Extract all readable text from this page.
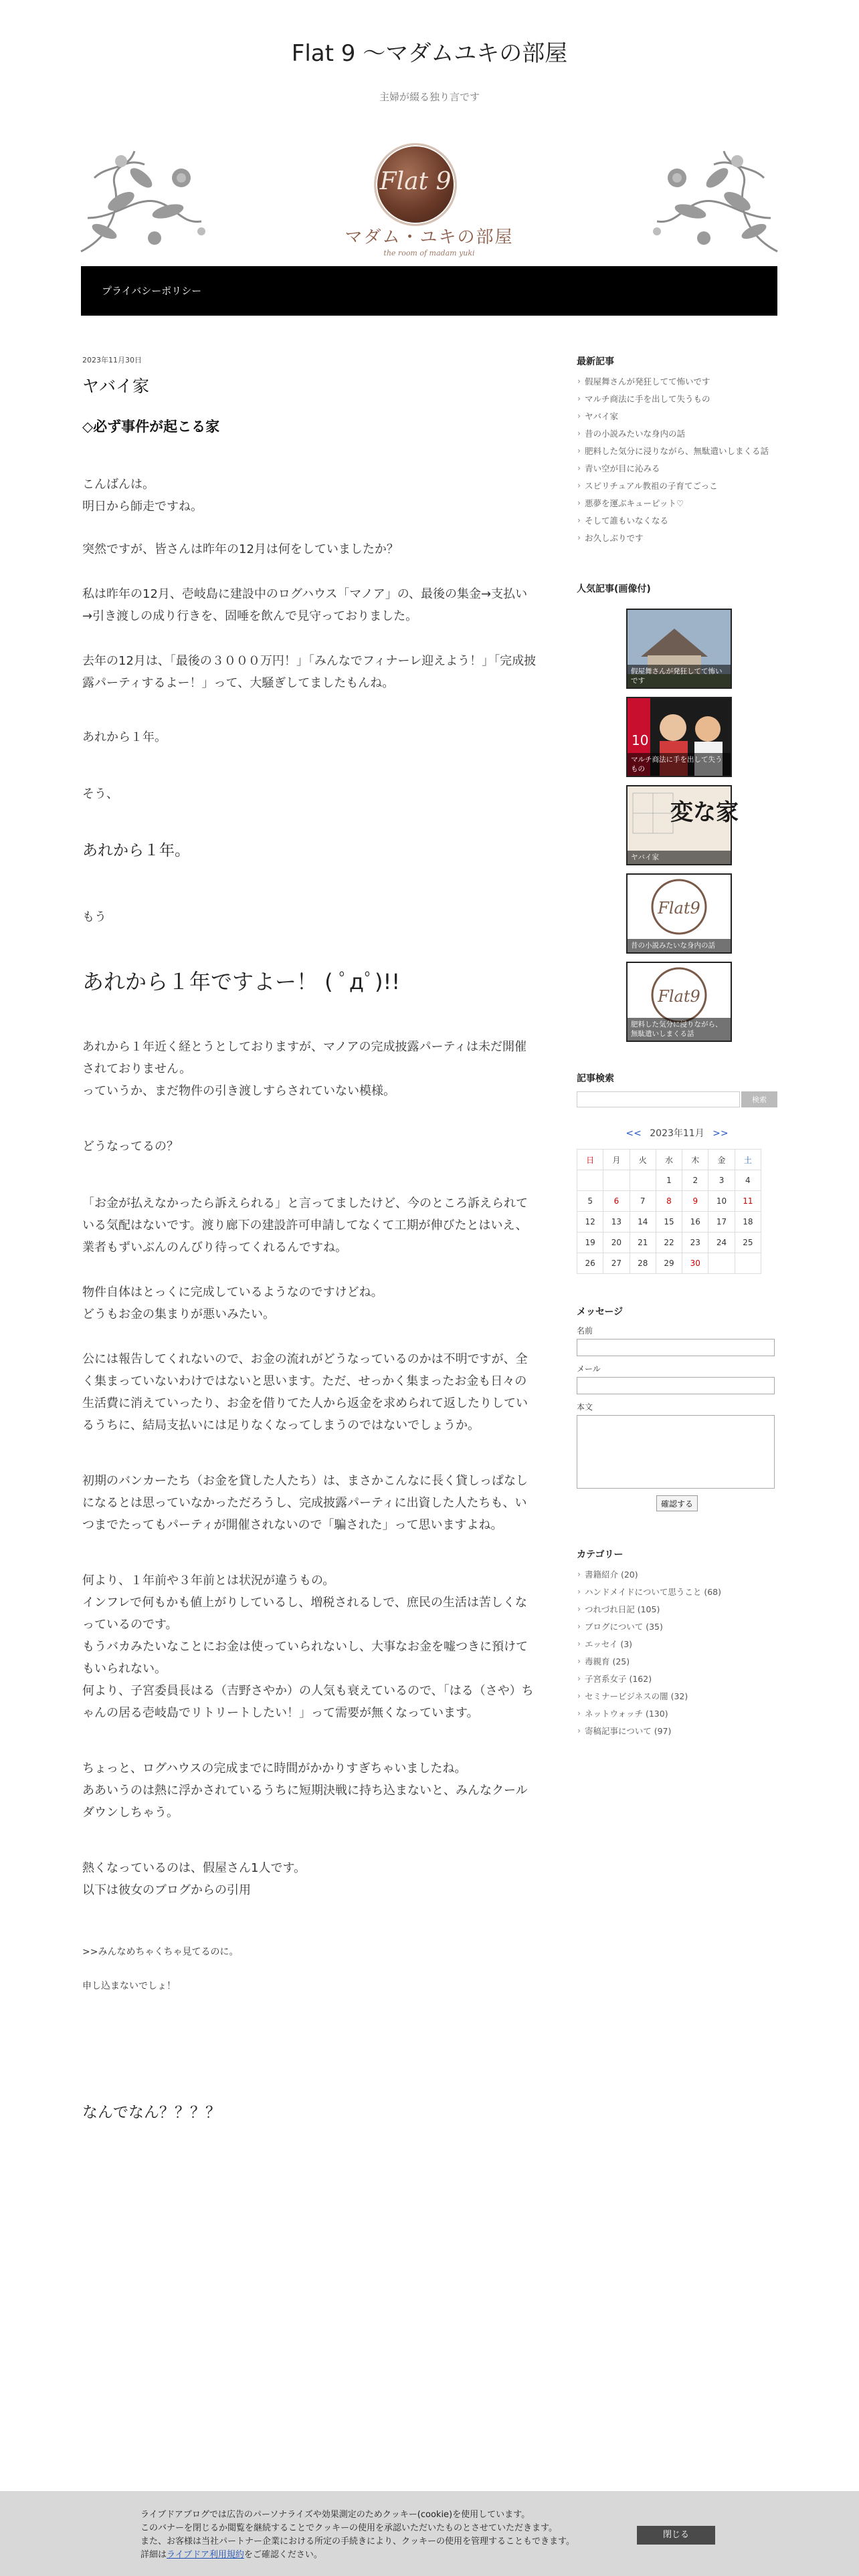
Flat 9 〜マダムユキの部屋
主婦が綴る独り言です
Flat 9
マダム・ユキの部屋
the room of madam yuki
プライバシーポリシー

2023年11月30日

ヤバイ家
◇必ず事件が起こる家

こんばんは。
明日から師走ですね。

突然ですが、皆さんは昨年の12月は何をしていましたか？

私は昨年の12月、壱岐島に建設中のログハウス「マノア」の、最後の集金→支払い→引き渡しの成り行きを、固唾を飲んで見守っておりました。

去年の12月は、「最後の３０００万円！」「みんなでフィナーレ迎えよう！」「完成披露パーティするよー！」って、大騒ぎしてましたもんね。

あれから１年。

そう、

あれから１年。

もう

あれから１年ですよー！ ( ﾟдﾟ)!!

あれから１年近く経とうとしておりますが、マノアの完成披露パーティは未だ開催されておりません。
っていうか、まだ物件の引き渡しすらされていない模様。

どうなってるの？

「お金が払えなかったら訴えられる」と言ってましたけど、今のところ訴えられている気配はないです。渡り廊下の建設許可申請してなくて工期が伸びたとはいえ、業者もずいぶんのんびり待ってくれるんですね。

物件自体はとっくに完成しているようなのですけどね。
どうもお金の集まりが悪いみたい。

公には報告してくれないので、お金の流れがどうなっているのかは不明ですが、全く集まっていないわけではないと思います。ただ、せっかく集まったお金も日々の生活費に消えていったり、お金を借りてた人から返金を求められて返したりしているうちに、結局支払いには足りなくなってしまうのではないでしょうか。

初期のバンカーたち（お金を貸した人たち）は、まさかこんなに長く貸しっぱなしになるとは思っていなかっただろうし、完成披露パーティに出資した人たちも、いつまでたってもパーティが開催されないので「騙された」って思いますよね。

何より、１年前や３年前とは状況が違うもの。
インフレで何もかも値上がりしているし、増税されるしで、庶民の生活は苦しくなっているのです。
もうバカみたいなことにお金は使っていられないし、大事なお金を嘘つきに預けてもいられない。
何より、子宮委員長はる（吉野さやか）の人気も衰えているので、「はる（さや）ちゃんの居る壱岐島でリトリートしたい！」って需要が無くなっています。

ちょっと、ログハウスの完成までに時間がかかりすぎちゃいましたね。
ああいうのは熱に浮かされているうちに短期決戦に持ち込まないと、みんなクールダウンしちゃう。

熱くなっているのは、假屋さん1人です。
以下は彼女のブログからの引用

>>みんなめちゃくちゃ見てるのに。

申し込まないでしょ！

なんでなん？？？？

最新記事
› 假屋舞さんが発狂してて怖いです
› マルチ商法に手を出して失うもの
› ヤバイ家
› 昔の小説みたいな身内の話
› 肥料した気分に浸りながら、無駄遣いしまくる話
› 青い空が目に沁みる
› スピリチュアル教祖の子育てごっこ
› 悪夢を運ぶキューピット♡
› そして誰もいなくなる
› お久しぶりです
人気記事(画像付)
假屋舞さんが発狂してて怖いです
10
マルチ商法に手を出して失うもの
変な家
ヤバイ家
Flat9
昔の小説みたいな身内の話
Flat9
肥料した気分に浸りながら、無駄遣いしまくる話
記事検索
検索
<< 2023年11月 >>
日	月	火	水	木	金	土
			1	2	3	4
5	6	7	8	9	10	11
12	13	14	15	16	17	18
19	20	21	22	23	24	25
26	27	28	29	30		
メッセージ
名前
メール
本文
確認する
カテゴリー
› 書籍紹介 (20)
› ハンドメイドについて思うこと (68)
› つれづれ日記 (105)
› ブログについて (35)
› エッセイ (3)
› 毒親育 (25)
› 子宮系女子 (162)
› セミナービジネスの闇 (32)
› ネットウォッチ (130)
› 寄稿記事について (97)
ライブドアブログでは広告のパーソナライズや効果測定のためクッキー(cookie)を使用しています。
このバナーを閉じるか閲覧を継続することでクッキーの使用を承認いただいたものとさせていただきます。
また、お客様は当社パートナー企業における所定の手続きにより、クッキーの使用を管理することもできます。
詳細はライブドア利用規約をご確認ください。
閉じる
